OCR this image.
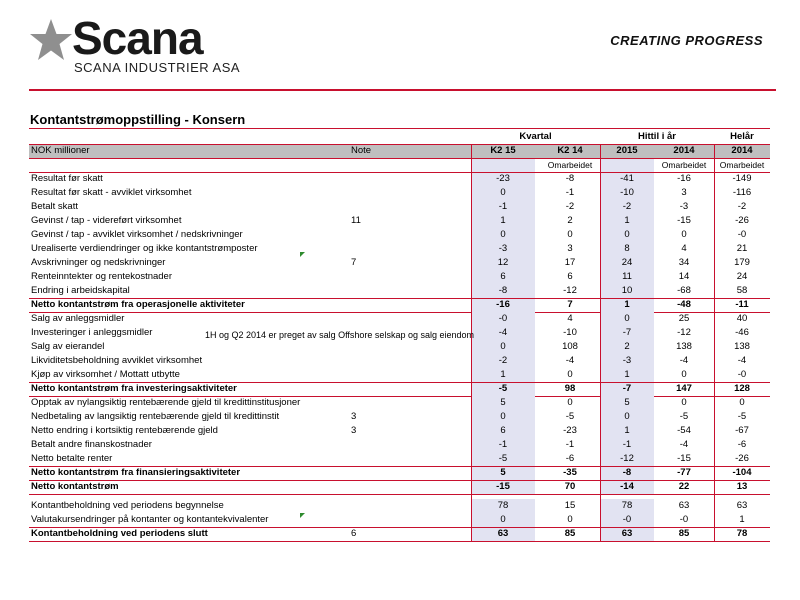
Scana
SCANA INDUSTRIER ASA
CREATING PROGRESS
Kontantstrømoppstilling - Konsern
Kvartal	Hittil i år	Helår
NOK millioner	Note	K2 15	K2 14	2015	2014	2014
Omarbeidet	Omarbeidet	Omarbeidet
Resultat før skatt	-23	-8	-41	-16	-149
Resultat før skatt - avviklet virksomhet	0	-1	-10	3	-116
Betalt skatt	-1	-2	-2	-3	-2
Gevinst / tap - videreført virksomhet	11	1	2	1	-15	-26
Gevinst / tap - avviklet virksomhet / nedskrivninger	0	0	0	0	-0
Urealiserte verdiendringer og ikke kontantstrømposter	-3	3	8	4	21
Avskrivninger og nedskrivninger	7	12	17	24	34	179
Renteinntekter og rentekostnader	6	6	11	14	24
Endring i arbeidskapital	-8	-12	10	-68	58
Netto kontantstrøm fra operasjonelle aktiviteter	-16	7	1	-48	-11
Salg av anleggsmidler	-0	4	0	25	40
Investeringer i anleggsmidler	-4	-10	-7	-12	-46
Salg av eierandel	0	108	2	138	138
Likviditetsbeholdning avviklet virksomhet	-2	-4	-3	-4	-4
Kjøp av virksomhet / Mottatt utbytte	1	0	1	0	-0
Netto kontantstrøm fra investeringsaktiviteter	-5	98	-7	147	128
Opptak av nylangsiktig rentebærende gjeld til kredittinstitusjoner	5	0	5	0	0
Nedbetaling av langsiktig rentebærende gjeld til kredittinstit	3	0	-5	0	-5	-5
Netto endring i kortsiktig rentebærende gjeld	3	6	-23	1	-54	-67
Betalt andre finanskostnader	-1	-1	-1	-4	-6
Netto betalte renter	-5	-6	-12	-15	-26
Netto kontantstrøm fra finansieringsaktiviteter	5	-35	-8	-77	-104
Netto kontantstrøm	-15	70	-14	22	13
Kontantbeholdning ved periodens begynnelse	78	15	78	63	63
Valutakursendringer på kontanter og kontantekvivalenter	0	0	-0	-0	1
Kontantbeholdning ved periodens slutt	6	63	85	63	85	78
1H og Q2 2014 er preget av salg Offshore selskap og salg eiendom
